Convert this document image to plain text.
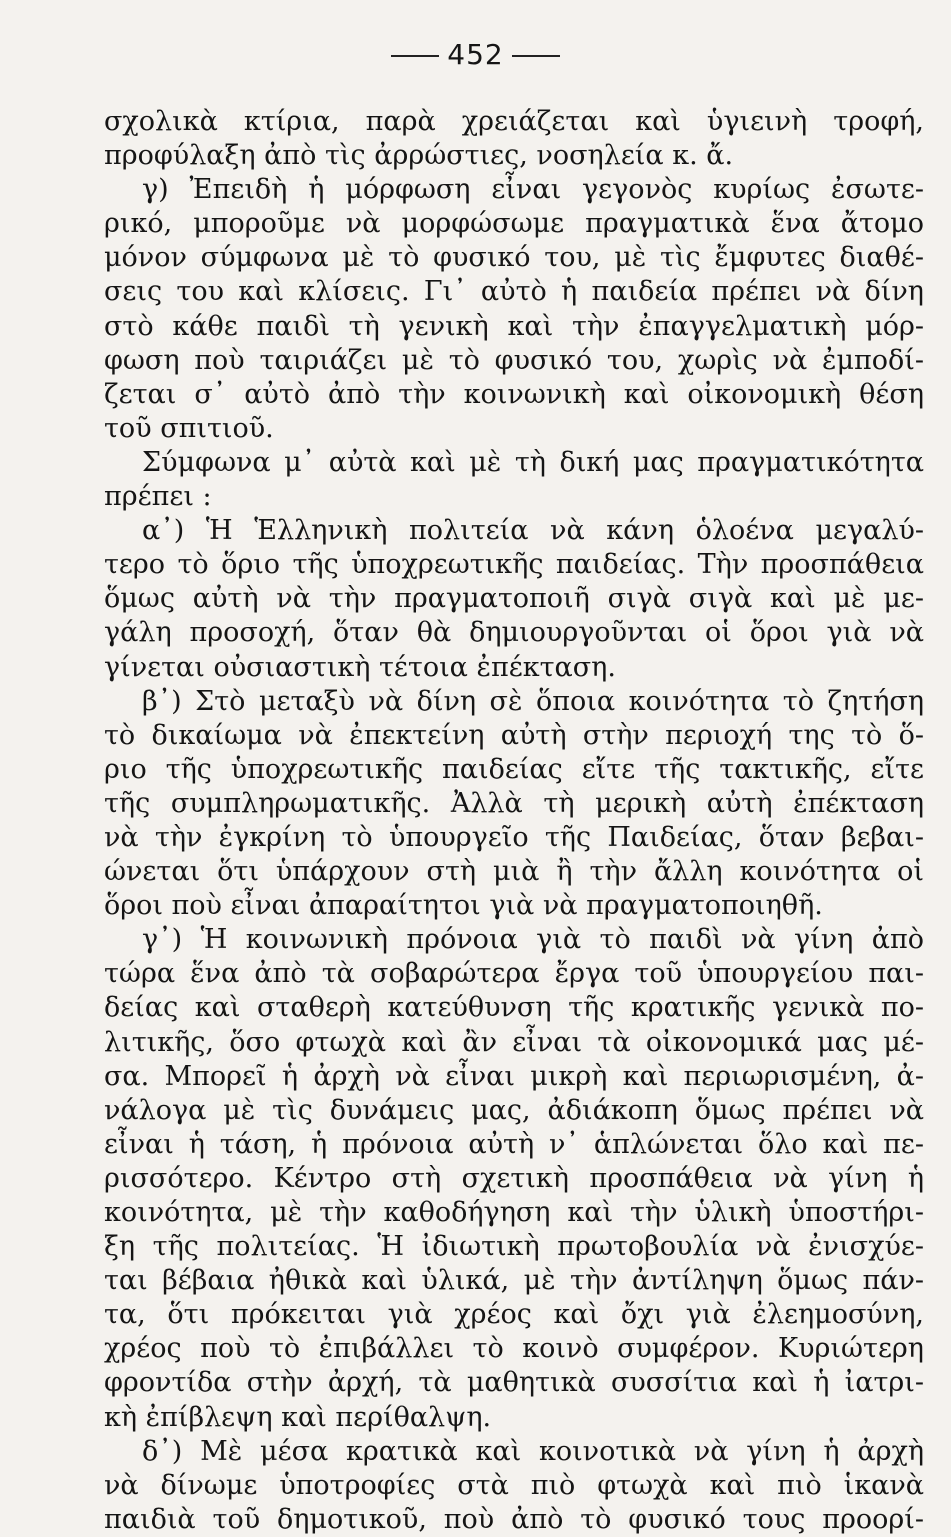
452
σχολικὰ κτίρια, παρὰ χρειάζεται καὶ ὑγιεινὴ τροφή,
προφύλαξη ἀπὸ τὶς ἀρρώστιες, νοσηλεία κ. ἄ.
γ) Ἐπειδὴ ἡ μόρφωση εἶναι γεγονὸς κυρίως ἐσωτε-
ρικό, μποροῦμε νὰ μορφώσωμε πραγματικὰ ἕνα ἄτομο
μόνον σύμφωνα μὲ τὸ φυσικό του, μὲ τὶς ἔμφυτες διαθέ-
σεις του καὶ κλίσεις. Γι᾽ αὐτὸ ἡ παιδεία πρέπει νὰ δίνη
στὸ κάθε παιδὶ τὴ γενικὴ καὶ τὴν ἐπαγγελματικὴ μόρ-
φωση ποὺ ταιριάζει μὲ τὸ φυσικό του, χωρὶς νὰ ἐμποδί-
ζεται σ᾽ αὐτὸ ἀπὸ τὴν κοινωνικὴ καὶ οἰκονομικὴ θέση
τοῦ σπιτιοῦ.
Σύμφωνα μ᾽ αὐτὰ καὶ μὲ τὴ δική μας πραγματικότητα
πρέπει :
α᾽) Ἡ Ἑλληνικὴ πολιτεία νὰ κάνη ὁλοένα μεγαλύ-
τερο τὸ ὅριο τῆς ὑποχρεωτικῆς παιδείας. Τὴν προσπάθεια
ὅμως αὐτὴ νὰ τὴν πραγματοποιῆ σιγὰ σιγὰ καὶ μὲ με-
γάλη προσοχή, ὅταν θὰ δημιουργοῦνται οἱ ὅροι γιὰ νὰ
γίνεται οὐσιαστικὴ τέτοια ἐπέκταση.
β᾽) Στὸ μεταξὺ νὰ δίνη σὲ ὅποια κοινότητα τὸ ζητήση
τὸ δικαίωμα νὰ ἐπεκτείνη αὐτὴ στὴν περιοχή της τὸ ὅ-
ριο τῆς ὑποχρεωτικῆς παιδείας εἴτε τῆς τακτικῆς, εἴτε
τῆς συμπληρωματικῆς. Ἀλλὰ τὴ μερικὴ αὐτὴ ἐπέκταση
νὰ τὴν ἐγκρίνη τὸ ὑπουργεῖο τῆς Παιδείας, ὅταν βεβαι-
ώνεται ὅτι ὑπάρχουν στὴ μιὰ ἢ τὴν ἄλλη κοινότητα οἱ
ὅροι ποὺ εἶναι ἀπαραίτητοι γιὰ νὰ πραγματοποιηθῆ.
γ᾽) Ἡ κοινωνικὴ πρόνοια γιὰ τὸ παιδὶ νὰ γίνη ἀπὸ
τώρα ἕνα ἀπὸ τὰ σοβαρώτερα ἔργα τοῦ ὑπουργείου παι-
δείας καὶ σταθερὴ κατεύθυνση τῆς κρατικῆς γενικὰ πο-
λιτικῆς, ὅσο φτωχὰ καὶ ἂν εἶναι τὰ οἰκονομικά μας μέ-
σα. Μπορεῖ ἡ ἀρχὴ νὰ εἶναι μικρὴ καὶ περιωρισμένη, ἀ-
νάλογα μὲ τὶς δυνάμεις μας, ἀδιάκοπη ὅμως πρέπει νὰ
εἶναι ἡ τάση, ἡ πρόνοια αὐτὴ ν᾽ ἁπλώνεται ὅλο καὶ πε-
ρισσότερο. Κέντρο στὴ σχετικὴ προσπάθεια νὰ γίνη ἡ
κοινότητα, μὲ τὴν καθοδήγηση καὶ τὴν ὑλικὴ ὑποστήρι-
ξη τῆς πολιτείας. Ἡ ἰδιωτικὴ πρωτοβουλία νὰ ἐνισχύε-
ται βέβαια ἠθικὰ καὶ ὑλικά, μὲ τὴν ἀντίληψη ὅμως πάν-
τα, ὅτι πρόκειται γιὰ χρέος καὶ ὄχι γιὰ ἐλεημοσύνη,
χρέος ποὺ τὸ ἐπιβάλλει τὸ κοινὸ συμφέρον. Κυριώτερη
φροντίδα στὴν ἀρχή, τὰ μαθητικὰ συσσίτια καὶ ἡ ἰατρι-
κὴ ἐπίβλεψη καὶ περίθαλψη.
δ᾽) Μὲ μέσα κρατικὰ καὶ κοινοτικὰ νὰ γίνη ἡ ἀρχὴ
νὰ δίνωμε ὑποτροφίες στὰ πιὸ φτωχὰ καὶ πιὸ ἱκανὰ
παιδιὰ τοῦ δημοτικοῦ, ποὺ ἀπὸ τὸ φυσικό τους προορί-
